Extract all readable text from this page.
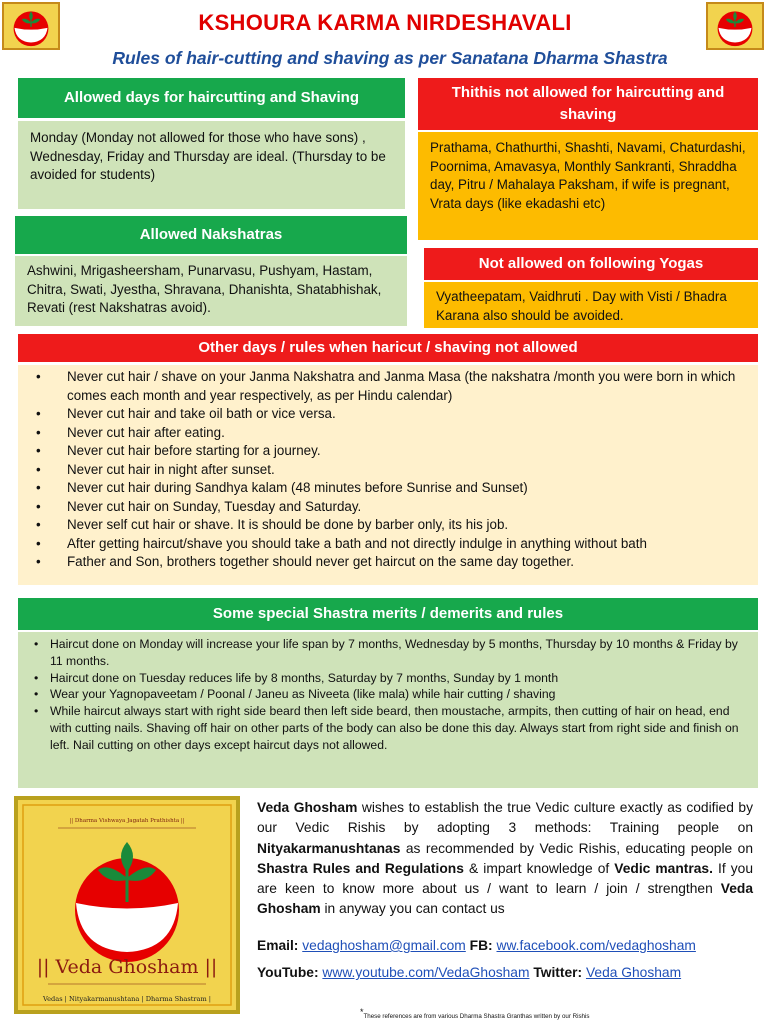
KSHOURA KARMA NIRDESHAVALI
Rules of hair-cutting and shaving as per Sanatana Dharma Shastra
Allowed days for haircutting and Shaving
Monday (Monday not allowed for those who have sons) , Wednesday, Friday and Thursday are ideal. (Thursday to be avoided for students)
Thithis not allowed for haircutting and shaving
Prathama, Chathurthi, Shashti, Navami, Chaturdashi, Poornima, Amavasya, Monthly Sankranti, Shraddha day, Pitru / Mahalaya Paksham, if wife is pregnant, Vrata days (like ekadashi etc)
Allowed Nakshatras
Ashwini, Mrigasheersham, Punarvasu, Pushyam, Hastam, Chitra, Swati, Jyestha, Shravana, Dhanishta, Shatabhishak, Revati (rest Nakshatras avoid).
Not allowed on following Yogas
Vyatheepatam, Vaidhruti . Day with Visti / Bhadra Karana also should be avoided.
Other days / rules when haricut / shaving not allowed
• Never cut hair / shave on your Janma Nakshatra and Janma Masa (the nakshatra /month you were born in which comes each month and year respectively, as per Hindu calendar)
• Never cut hair and take oil bath or vice versa.
• Never cut hair after eating.
• Never cut hair before starting for a journey.
• Never cut hair in night after sunset.
• Never cut hair during Sandhya kalam (48 minutes before Sunrise and Sunset)
• Never cut hair on Sunday, Tuesday and Saturday.
• Never self cut hair or shave. It is should be done by barber only, its his job.
• After getting haircut/shave you should take a bath and not directly indulge in anything without bath
• Father and Son, brothers together should never get haircut on the same day together.
Some special Shastra merits / demerits and rules
• Haircut done on Monday will increase your life span by 7 months, Wednesday by 5 months, Thursday by 10 months & Friday by 11 months.
• Haircut done on Tuesday reduces life by 8 months, Saturday by 7 months, Sunday by 1 month
• Wear your Yagnopaveetam / Poonal / Janeu as Niveeta (like mala) while hair cutting / shaving
• While haircut always start with right side beard then left side beard, then moustache, armpits, then cutting of hair on head, end with cutting nails. Shaving off hair on other parts of the body can also be done this day. Always start from right side and finish on left. Nail cutting on other days except haircut days not allowed.
|| Dharma Vishwaya Jagatah Prathishta ||
|| Veda Ghosham ||
Vedas | Nityakarmanushtana | Dharma Shastram |
Veda Ghosham wishes to establish the true Vedic culture exactly as codified by our Vedic Rishis by adopting 3 methods: Training people on Nityakarmanushtanas as recommended by Vedic Rishis, educating people on Shastra Rules and Regulations & impart knowledge of Vedic mantras. If you are keen to know more about us / want to learn / join / strengthen Veda Ghosham in anyway you can contact us
Email: vedaghosham@gmail.com FB: ww.facebook.com/vedaghosham
YouTube: www.youtube.com/VedaGhosham Twitter: Veda Ghosham
*These references are from various Dharma Shastra Granthas written by our Rishis
